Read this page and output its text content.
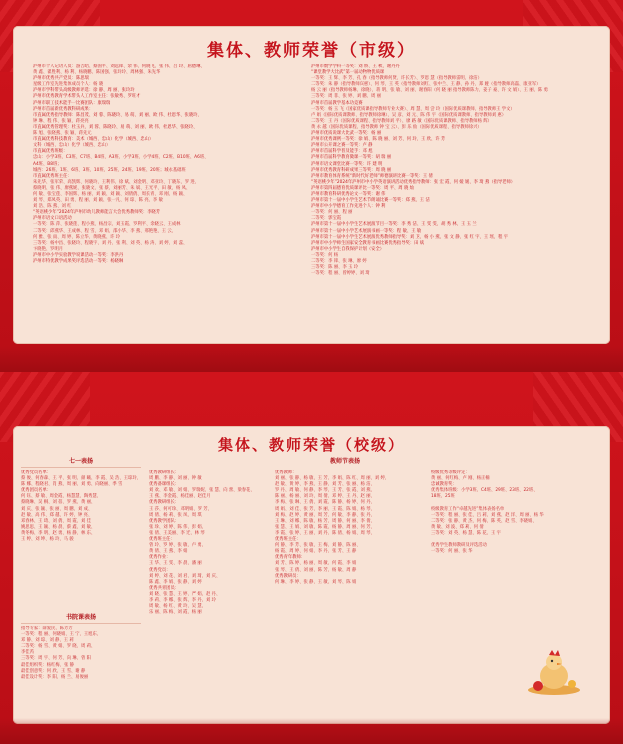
集体、教师荣誉（市级）
泸州市个人记功人员：游吉昭、蔡国平、刘远锋、余 伟、何晓飞、张 伟、吕 玲、屈德琳、
黄 鑫、翟胜利、杨 利、杨晓鹏、陈国强、张玲玲、周林强、朱先华
泸州市优秀共产党员：陈思瑞
星级工作室先进集体成员个人：杨 晓
泸州市学科带头高级教师评选：徐 静、周 丽、张玲玲
泸州市优秀教育学术带头人工作室主任：张敏秀、罗旺才
泸州市职工技术能手一比赛团队：康瑞瑞
泸州市首届新优秀教科研成果：
市直属优秀指导教师：陈昌茂、刘 蓉、陈晓玲、易 萌、刘 丽、欧 伟、杜恩华、张晓玲、
钟 琳、程 伟、张 颖、蒋亮亮
市直属优秀管理奖：杜玉兵、刘 蓉、陈晓玲、易 萌、刘 丽、欧 伟、杜恩华、张晓玲、
陈 旭、张晓燕、张 颖、蒋先元
市直属优秀科技教育：美术（城西、忠山）化学（城西、忠山）
文科（城西、忠山）化学（城西、忠山）
市直属优秀班级：
忠山：小学3班、C3班、C7班、B4班、A3班、小学3班、小学4班、C2班、B10班、A6班、
A4班、B8班；
城西：26班、1班、6班、3班、10班、25班、24班、19班、20班；城永基础班
市直属优秀班主任：
朱先华、张军荣、高凯辉、何晓玲、王利伟、徐 斌、刘金明、邓亚玲、丁晓东、罗 进、
蔡晓明、张 伟、廖燕妮、张晓文、张 蔡、刘丽芳、朱 斌、王光平、田 敏、杨 凤、
何 敏、张宝莲、李国辉、杨 丽、刘 颖、刘 颖、刘倩倩、周长青、邓 刚、杨 颖、
刘 琴、郑凤英、田 勇、程 丽、刘 颖、张一凡、何 琼、陈 亮、李 敏
刘 浩、陈 燕、刘 红
“英语桃少年”2024年泸州市幼儿教师能言大会优秀教师奖：李晓芳
泸州市语文口语活动
一等奖：陈 萍、张晓莲、程小燕、杨昌宗、刘玉霞、罗利平、余晓云、王成林
二等奖：邱燕华、王成林、程 雪、邓 娟、邵小华、李 燕、邢艳艳、王 云、
何 雅、张 雨、周 婷、陈立华、黄晓燕、许 玲
三等奖：杨中昌、张晓玲、程晓宇、刘 丹、张 利、刘 英、杨 涛、刘 婷、刘 蕊、
卞晓艳、罗明月
泸州市中小学实验教学说课活动一等奖：李洪丹
泸州市特优教学成果奖评选活动一等奖：杨晓琳
泸州市数学学科一等奖：刘 娇、王 秋、谢丹丹
“课堂教学大比武”第一届动物物优质课
一等奖：王 辉、李 芳、孔 春（指导教师何贤、许长芳）、罗恩 慧（指导教师雷明、徐洁）
二等奖：朱 静（指导教师宾惠）、何 琴、王 英（指导教师刘红、张中兰、王 静、孙 丹、郑 娅（指导教师高磊、康亚军）
杨 云 丽（指导教师杨琳、徐晓）、蒋 明、张 敏、刘 丽、谢春阳（何 晓 丽 指导教师陈力、姜子 豪、许 文 娟）、王 丽、陈 勇
三等奖：周 菲、张 婷、刘 鹏、周 丽
泸州市首届教学基本功竞赛
一等奖：杨 玉 飞（国家优质课指导教师专业大赛）、周 慧、周 尝 玲（国际优质课教师、指导教师王 学文）
卢 娟（国际优质课教师、指导教师徐琳）、吴 彦、刘 元、陈 伟 宇（国际优质课教师、指导教师刘 惠）
二等奖：王 丹（国际优质课程、指导教师刘 平）、廖 路 敏（国际优质课教师、指导教师杨 辉）
黄 永 越（国际优质课程、指导教师 钟 宝 云）、彭 乐 仙（国际优质课程、指导教师徐兴）
泸州市优质说课大比武一等奖：杨 丽
泸州市优秀课例一等奖：徐 娟、陈 晓 丽、刘 芳、何 玲、王 欣、许 芳
泸州市公开课之赛一等奖：卢 静
泸州市首届科学普及能手：邓 旭
泸州市首届科学教育微课一等奖：胡 瑞 丽
泸州市语文课堂比赛一等奖：许 建 明
泸州市优秀教育科研成果三等奖：周 晓 丽
泸州市教育体育系统“新时代好老师”师德演讲比赛一等奖：王 倩
“英语桃少年”2024年泸州市中小学英语演讲活动优秀指导教师：张 宏 霞、何 媛 媛、李 琦 燕（指导老师）
泸州市第四届德育优质课评比一等奖：周 平、周 晓 灿
泸州市教育科研优秀论文一等奖：谢 伟
泸州市第十一届中小学生艺术节朗诵比赛一等奖：郑 燕、王 洁
泸州市中小学德育工作先进个人：钟 利
一等奖：何 丽、程 丽
二等奖：郭宝霞
泸州市第十一届中小学生艺术展演节目一等奖：李 秀 洁、王 雯 雯、胡 秀 林、王 玉 兰
泸州市第十一届中小学艺术展演书画一等奖：程 敏、王 敏
泸州市第十一届中小学生艺术展演优秀教师指导奖：刘 卫、杨 小 燕、张 文 静、张 红 宇、王 瑶、程 宇
泸州市中小学师生国家安全教育书画比赛优秀指导奖：田 斌
泸州市中小学生自我保护计划（安全）
一等奖：何 杨
二等奖：李 锋、张 琳、廖 婷
三等奖：陈 丽、李 玉 玲
一等奖：程 丽、曾婷婷、刘 琦
集体、教师荣誉（校级）
七一表扬
优秀党员名单：
蔡 俊、何春森、王 平、张 明、颜 曦、李 霞、吴 浩、王琼玲、
陈 娜、程晓君、肖 燕、周 丽、刘 勇、向晓丽、季 雪
优秀团员名单：
何 钰、蔡 敏、周金霞、杨慧慧、陶秀慧、
蔡晓琳、吴 桐、刘 蓓、罗 燕、黄 丽、
刘 庆、张 颖、张 丽、周 鹏、刘 成、
赵 敏、高 伟、郑 越、许 婷、钟 亮、
邓春林、王 琦、刘 倩、周 霞、刘 佳
姚思思、王 颖、杨 晨、蔡 鑫、刘 敏、
黄冬梅、李 明、赵 勇、杨 静、林 东、
王 婷、刘 坤、杨 玲、马 骏
书院课表扬
指导专家：薛爱民、陈芳芳
一等奖：程 丽、何晓娟、王 宁、王旭东、
邓 静、刘 琼、刘 静、王 莉
二等奖：杨 雪、黄 娟、罗 晓、周 莉、
李佳芮
三等奖：周 宇、何 芳、向 琳、曾 阳
最佳组织奖：杨红梅、张 静
最佳创意奖：何 欣、王 雪、谢 静
最佳设计奖：李 阳、杨 兰、易俊丽
优秀教研组长：
周 鹏、李 静、刘 丽、钟 敏
优秀备课组长：
刘 欢、邓 敏、刘 娟、罗瑞妮、张 慧、向 蕾、梁春花、
王 燕、李金霞、杨佳丽、赵佳月
优秀教研组长：
王 莎、何可珍、邓明娟、罗 芳、
周 倩、杨 莉、张 凤、周 琪
优秀教学团队：
张 珍、刘 婷、陈 伟、彭 娟、
张 倩、王美丽、李 迁、林 琴
优秀班主任：
曾 玲、罗 婷、张 敏、卢 勇、
黄 倩、王 燕、李 娟
优秀作业：
王 华、王 雯、李 晨、潘 丽
优秀党员：
刘 婷、刘 花、刘 君、刘 琦、刘 庆、
陈 鑫、李 娟、张 静、刘 婷
优秀共青团员：
刘 晓、张 慧、王 婷、严 娟、赵 丹、
李 莉、李 娜、张 辉、李 丹、刘 玲
周 敏、杨 红、黄 玲、吴 慧、
乐 丽、陈 梅、刘 霞、杨 丽
教师节表扬
优秀教师：
刘 丽、张 静、杨 敏、王 芳、李 娟、陈 红、周 丽、刘 婷、
赵 敏、黄 婷、李 燕、王 静、刘 芳、张 丽、杨 洁、
罗 丹、周 敏、何 静、李 琴、王 芳、张 霞、刘 燕、
陈 丽、杨 丽、刘 玲、周 倩、邓 婷、王 丹、赵 丽、
李 梅、张 琳、王 倩、刘 霞、陈 静、杨 婷、何 丹、
周 娟、刘 佳、张 芳、李 丽、王 霞、陈 娟、杨 琴、
刘 梅、赵 婷、黄 丽、周 芳、何 敏、李 静、张 丹、
王 琳、刘 娜、陈 敏、杨 芳、周 静、何 丽、李 倩、
张 慧、王 娟、刘 敏、陈 霞、杨 静、周 丽、何 芳、
李 霞、张 婷、王 丽、刘 丹、陈 倩、杨 娟、周 琴、
优秀班主任：
何 静、李 芳、张 敏、王 梅、刘 静、陈 丽、
杨 霞、周 婷、何 娟、李 丹、张 芳、王 静
优秀青年教师：
刘 芳、陈 婷、杨 丽、周 敏、何 霞、李 娟
张 琴、王 倩、刘 丽、陈 芳、杨 敏、周 静
优秀教研员：
何 琳、李 婷、张 静、王 敏、刘 琴、陈 娟
校级优秀等级评定：
黄 丽、何红梅、卢 刚、杨正楠
忠诚教育奖：
优秀集体班级：小学3班、C4班、29班、23班、22班、
18班、25班

校级教育工作“卓越先进”集体表扬名单
一等奖：程 丽、张 佳、吕 莉、刘 燕、赵 洋、周 丽、杨 华
二等奖：张 静、黄 杰、何 梅、陈 英、赵 雪、李晓娟、
黄 敏、刘 波、郑 莉、何 倩
三等奖：刘 英、杨 慧、陈 花、王 宇

优秀学生教师教研及评选活动
一等奖：何 丽、张 华
